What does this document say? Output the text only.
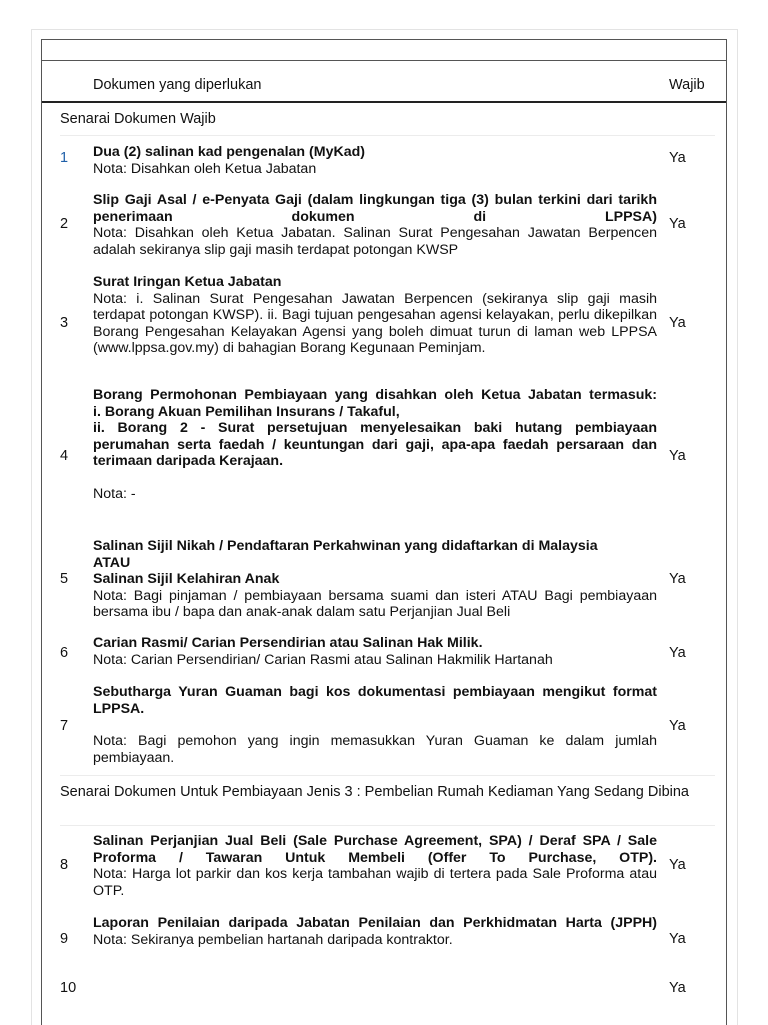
Dokumen yang diperlukan	Wajib
Senarai Dokumen Wajib
1 Dua (2) salinan kad pengenalan (MyKad)
Nota: Disahkan oleh Ketua Jabatan
Ya
2
Slip Gaji Asal / e-Penyata Gaji (dalam lingkungan tiga (3) bulan terkini dari tarikh penerimaan dokumen di LPPSA)
Nota: Disahkan oleh Ketua Jabatan. Salinan Surat Pengesahan Jawatan Berpencen adalah sekiranya slip gaji masih terdapat potongan KWSP
Ya
3
Surat Iringan Ketua Jabatan
Nota: i. Salinan Surat Pengesahan Jawatan Berpencen (sekiranya slip gaji masih terdapat potongan KWSP). ii. Bagi tujuan pengesahan agensi kelayakan, perlu dikepilkan Borang Pengesahan Kelayakan Agensi yang boleh dimuat turun di laman web LPPSA (www.lppsa.gov.my) di bahagian Borang Kegunaan Peminjam.
Ya
4
Borang Permohonan Pembiayaan yang disahkan oleh Ketua Jabatan termasuk:
i. Borang Akuan Pemilihan Insurans / Takaful,
ii. Borang 2 - Surat persetujuan menyelesaikan baki hutang pembiayaan perumahan serta faedah / keuntungan dari gaji, apa-apa faedah persaraan dan terimaan daripada Kerajaan.
Nota: -
Ya
5
Salinan Sijil Nikah / Pendaftaran Perkahwinan yang didaftarkan di Malaysia
ATAU
Salinan Sijil Kelahiran Anak
Nota: Bagi pinjaman / pembiayaan bersama suami dan isteri ATAU Bagi pembiayaan bersama ibu / bapa dan anak-anak dalam satu Perjanjian Jual Beli
Ya
6
Carian Rasmi/ Carian Persendirian atau Salinan Hak Milik.
Nota: Carian Persendirian/ Carian Rasmi atau Salinan Hakmilik Hartanah	Ya
7
Sebutharga Yuran Guaman bagi kos dokumentasi pembiayaan mengikut format LPPSA.
Nota: Bagi pemohon yang ingin memasukkan Yuran Guaman ke dalam jumlah pembiayaan.
Ya
Senarai Dokumen Untuk Pembiayaan Jenis 3 : Pembelian Rumah Kediaman Yang Sedang Dibina
8
Salinan Perjanjian Jual Beli (Sale Purchase Agreement, SPA) / Deraf SPA / Sale Proforma / Tawaran Untuk Membeli (Offer To Purchase, OTP).
Nota: Harga lot parkir dan kos kerja tambahan wajib di tertera pada Sale Proforma atau OTP.
Ya
9
Laporan Penilaian daripada Jabatan Penilaian dan Perkhidmatan Harta (JPPH)
Nota: Sekiranya pembelian hartanah daripada kontraktor.	Ya
10	Ya
